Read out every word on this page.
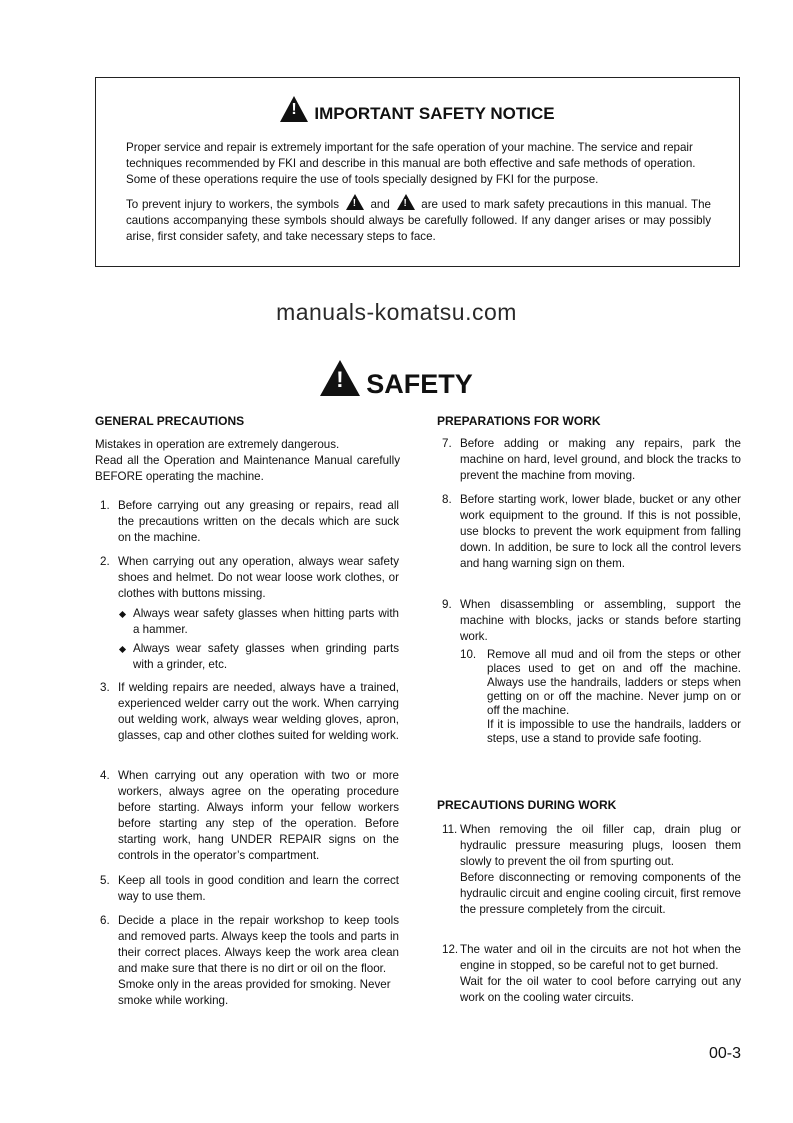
!IMPORTANT SAFETY NOTICE

Proper service and repair is extremely important for the safe operation of your machine. The service and repair techniques recommended by FKI and describe in this manual are both effective and safe methods of operation. Some of these operations require the use of tools specially designed by FKI for the purpose.

To prevent injury to workers, the symbols !	and !	are used to mark safety precautions in this manual. The cautions accompanying these symbols should always be carefully followed. If any danger arises or may possibly arise, first consider safety, and take necessary steps to face.

manuals-komatsu.com
!SAFETY
GENERAL PRECAUTIONS
Mistakes in operation are extremely dangerous.
Read all the Operation and Maintenance Manual carefully BEFORE operating the machine.
1. Before carrying out any greasing or repairs, read all the precautions written on the decals which are suck on the machine.
2. When carrying out any operation, always wear safety shoes and helmet. Do not wear loose work clothes, or clothes with buttons missing.
Always wear safety glasses when hitting parts with a hammer.
Always wear safety glasses when grinding parts with a grinder, etc.
3. If welding repairs are needed, always have a trained, experienced welder carry out the work. When carrying out welding work, always wear welding gloves, apron, glasses, cap and other clothes suited for welding work.
4. When carrying out any operation with two or more workers, always agree on the operating procedure before starting. Always inform your fellow workers before starting any step of the operation. Before starting work, hang UNDER REPAIR signs on the controls in the operator’s compartment.
5. Keep all tools in good condition and learn the correct way to use them.
6. Decide a place in the repair workshop to keep tools and removed parts. Always keep the tools and parts in their correct places. Always keep the work area clean and make sure that there is no dirt or oil on the floor.
Smoke only in the areas provided for smoking. Never smoke while working.
PREPARATIONS FOR WORK
7. Before adding or making any repairs, park the machine on hard, level ground, and block the tracks to prevent the machine from moving.
8. Before starting work, lower blade, bucket or any other work equipment to the ground. If this is not possible, use blocks to prevent the work equipment from falling down. In addition, be sure to lock all the control levers and hang warning sign on them.
9. When disassembling or assembling, support the machine with blocks, jacks or stands before starting work.
10. Remove all mud and oil from the steps or other places used to get on and off the machine. Always use the handrails, ladders or steps when getting on or off the machine. Never jump on or off the machine.
If it is impossible to use the handrails, ladders or steps, use a stand to provide safe footing.
PRECAUTIONS DURING WORK
11. When removing the oil filler cap, drain plug or hydraulic pressure measuring plugs, loosen them slowly to prevent the oil from spurting out.
Before disconnecting or removing components of the hydraulic circuit and engine cooling circuit, first remove the pressure completely from the circuit.
12. The water and oil in the circuits are not hot when the engine in stopped, so be careful not to get burned.
Wait for the oil water to cool before carrying out any work on the cooling water circuits.
00-3
